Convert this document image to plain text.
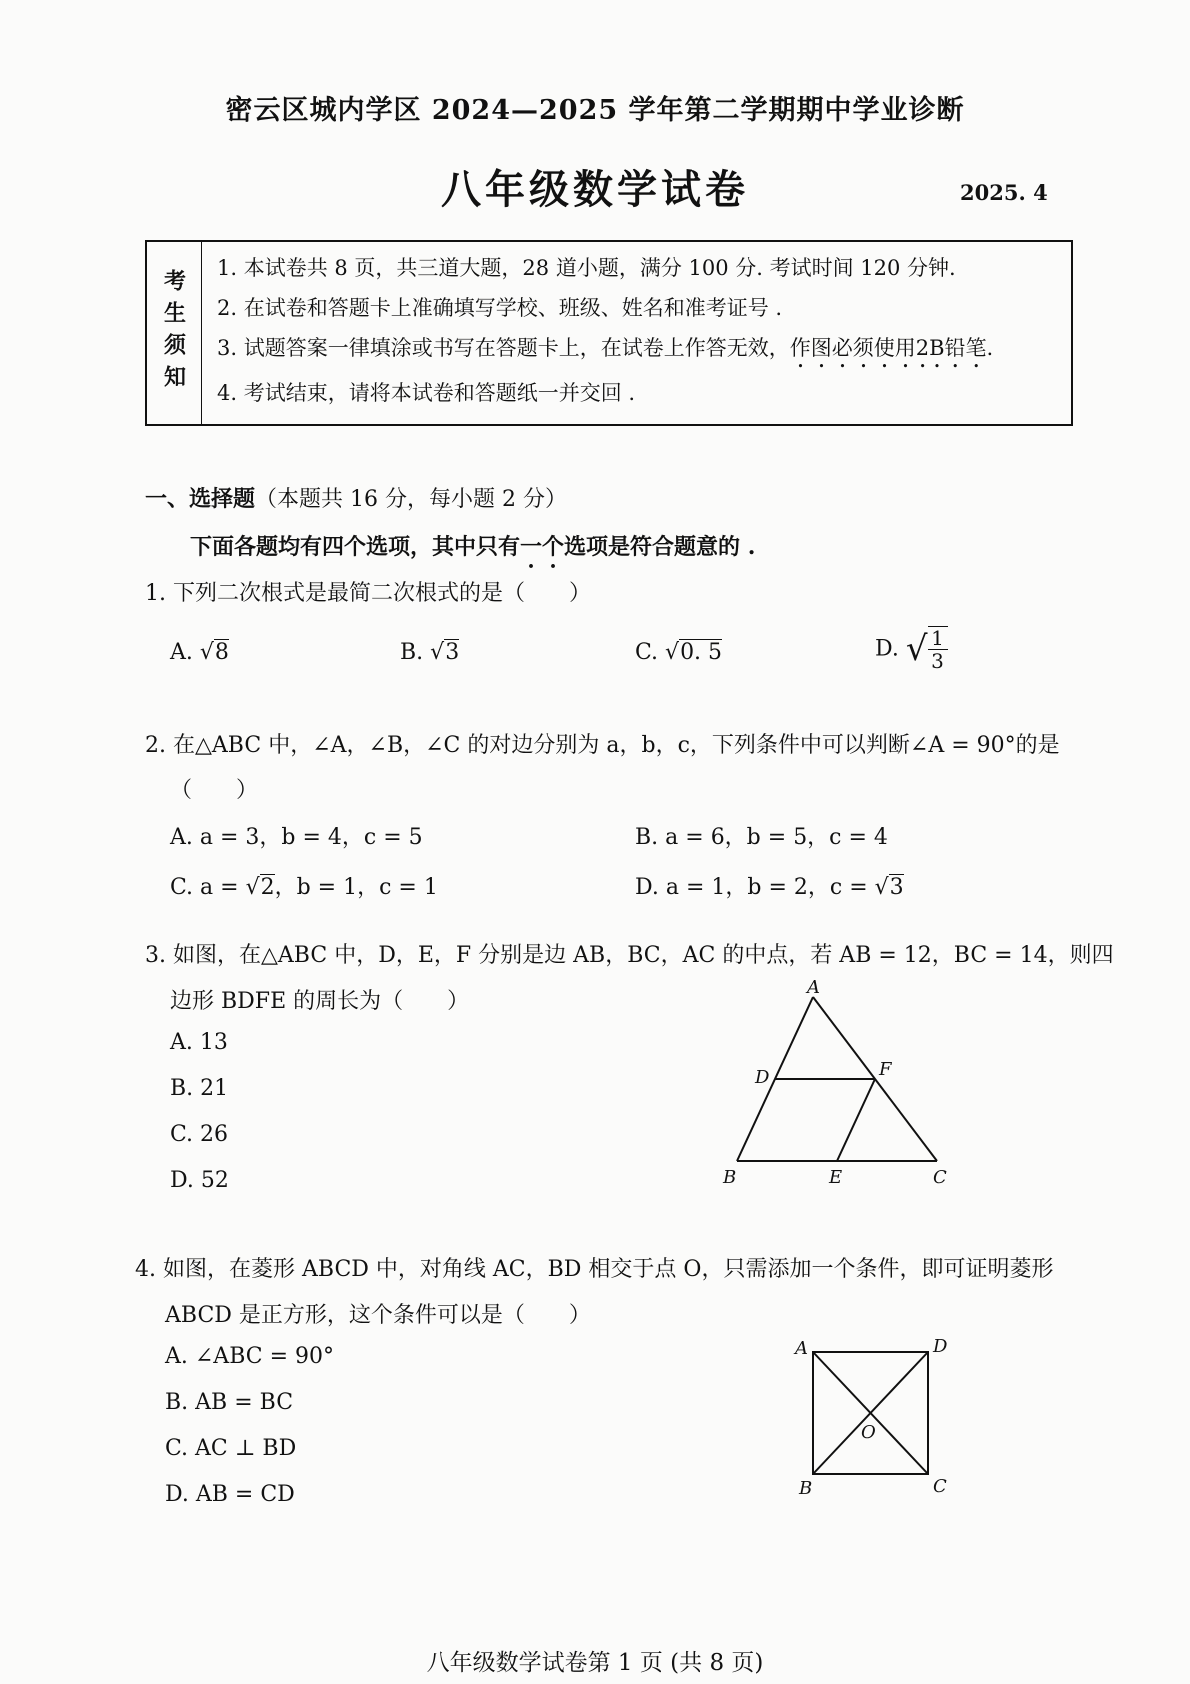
密云区城内学区 2024—2025 学年第二学期期中学业诊断
八年级数学试卷	2025. 4
考生须知
1. 本试卷共 8 页，共三道大题，28 道小题，满分 100 分. 考试时间 120 分钟.
2. 在试卷和答题卡上准确填写学校、班级、姓名和准考证号 .
3. 试题答案一律填涂或书写在答题卡上，在试卷上作答无效，作图必须使用2B铅笔.
4. 考试结束，请将本试卷和答题纸一并交回 .
一、选择题（本题共 16 分，每小题 2 分）
下面各题均有四个选项，其中只有一个选项是符合题意的 .
1. 下列二次根式是最简二次根式的是（　　）
A. √8	B. √3	C. √0. 5	D. √ $\frac{1}{3}$
2. 在△ABC 中，∠A，∠B，∠C 的对边分别为 a，b，c，下列条件中可以判断∠A = 90°的是
（　　）
A. a = 3，b = 4，c = 5	B. a = 6，b = 5，c = 4
C. a = √2，b = 1，c = 1	D. a = 1，b = 2，c = √3
3. 如图，在△ABC 中，D，E，F 分别是边 AB，BC，AC 的中点，若 AB = 12，BC = 14，则四
边形 BDFE 的周长为（　　）
A. 13
B. 21
C. 26
D. 52
A
D	F
B	E	C
4. 如图，在菱形 ABCD 中，对角线 AC，BD 相交于点 O，只需添加一个条件，即可证明菱形
ABCD 是正方形，这个条件可以是（　　）
A. ∠ABC = 90°
B. AB = BC
C. AC ⊥ BD
D. AB = CD
A	D
O
B	C
八年级数学试卷第 1 页 (共 8 页)
